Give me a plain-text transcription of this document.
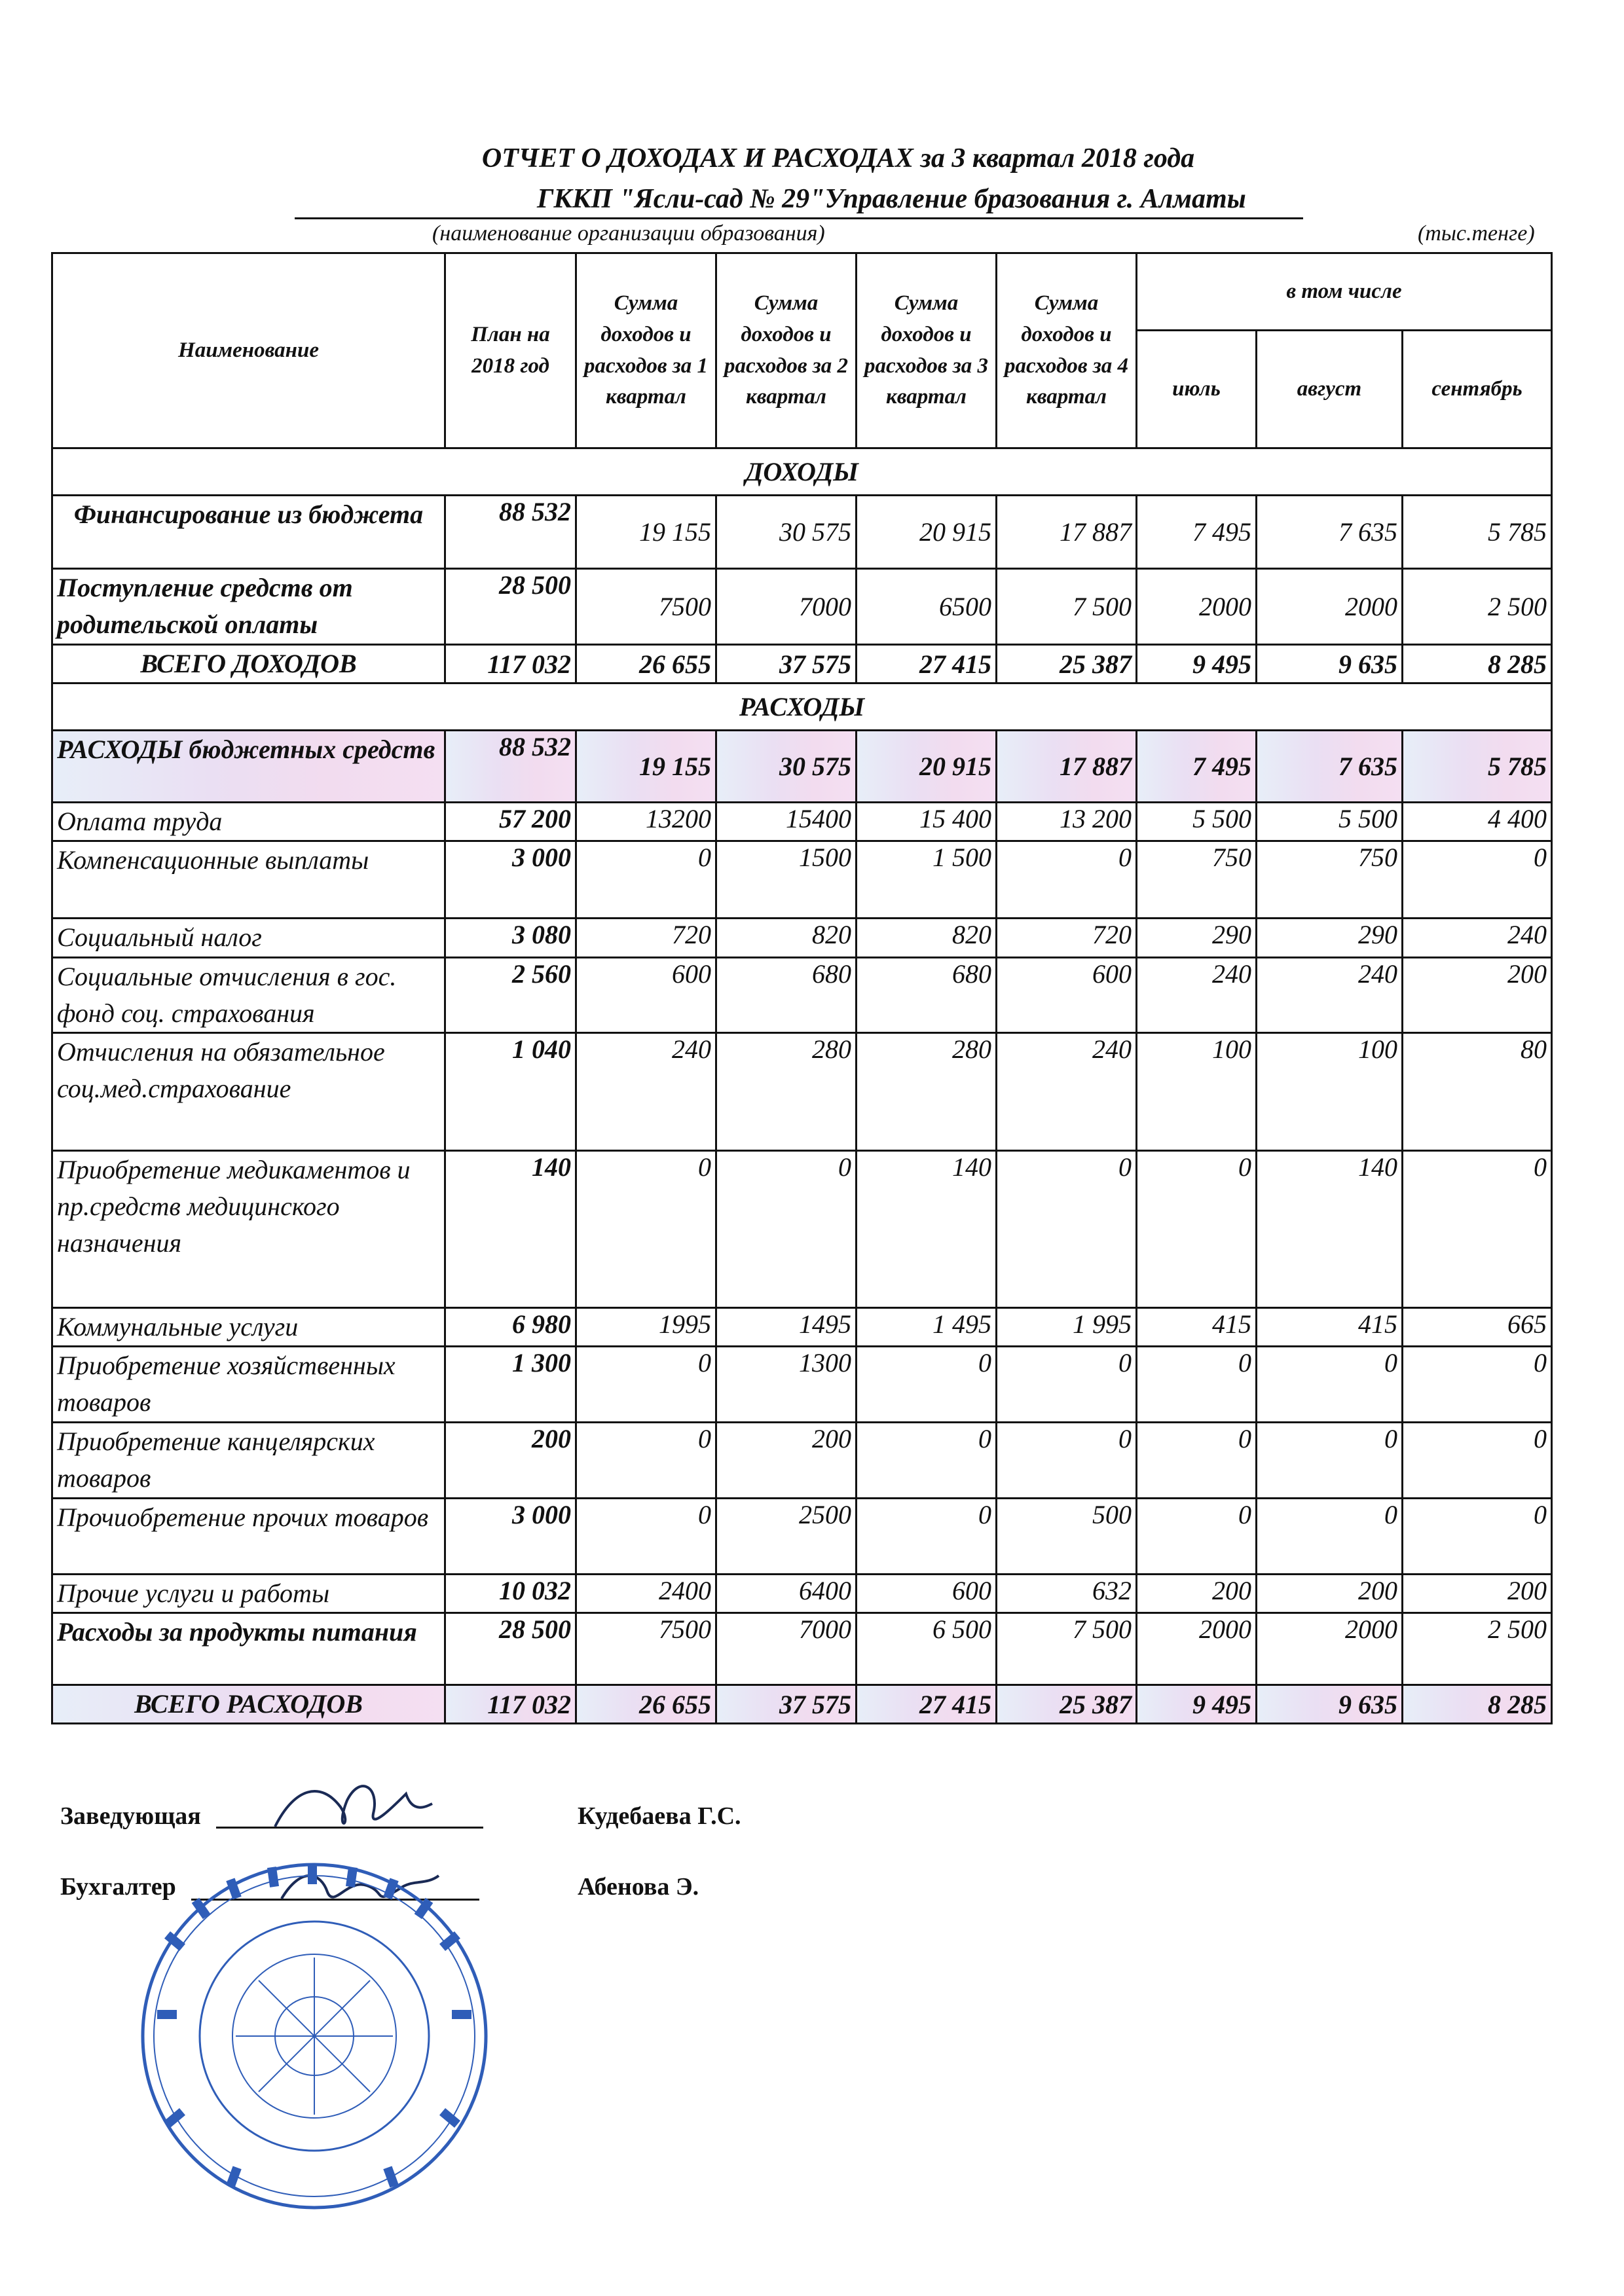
ОТЧЕТ О ДОХОДАХ И РАСХОДАХ за 3 квартал 2018 года
ГККП "Ясли-сад № 29"Управление бразования г. Алматы
(наименование организации образования)	(тыс.тенге)
Наименование	План на 2018 год	Сумма доходов и расходов за 1 квартал	Сумма доходов и расходов за 2 квартал	Сумма доходов и расходов за 3 квартал	Сумма доходов и расходов за 4 квартал	в том числе		
						июль	август	сентябрь
ДОХОДЫ								
Финансирование из бюджета	88 532	19 155	30 575	20 915	17 887	7 495	7 635	5 785
Поступление средств от родительской оплаты	28 500	7500	7000	6500	7 500	2000	2000	2 500
ВСЕГО ДОХОДОВ	117 032	26 655	37 575	27 415	25 387	9 495	9 635	8 285
РАСХОДЫ								
РАСХОДЫ бюджетных средств	88 532	19 155	30 575	20 915	17 887	7 495	7 635	5 785
Оплата труда	57 200	13200	15400	15 400	13 200	5 500	5 500	4 400
Компенсационные выплаты	3 000	0	1500	1 500	0	750	750	0
Социальный налог	3 080	720	820	820	720	290	290	240
Социальные отчисления в гос. фонд соц. страхования	2 560	600	680	680	600	240	240	200
Отчисления на обязательное соц.мед.страхование	1 040	240	280	280	240	100	100	80
Приобретение медикаментов и пр.средств медицинского назначения	140	0	0	140	0	0	140	0
Коммунальные услуги	6 980	1995	1495	1 495	1 995	415	415	665
Приобретение хозяйственных товаров	1 300	0	1300	0	0	0	0	0
Приобретение канцелярских товаров	200	0	200	0	0	0	0	0
Прочиобретение прочих товаров	3 000	0	2500	0	500	0	0	0
Прочие услуги и работы	10 032	2400	6400	600	632	200	200	200
Расходы за продукты питания	28 500	7500	7000	6 500	7 500	2000	2000	2 500
ВСЕГО РАСХОДОВ	117 032	26 655	37 575	27 415	25 387	9 495	9 635	8 285
Заведующая	Кудебаева Г.С.
Бухгалтер	Абенова Э.
